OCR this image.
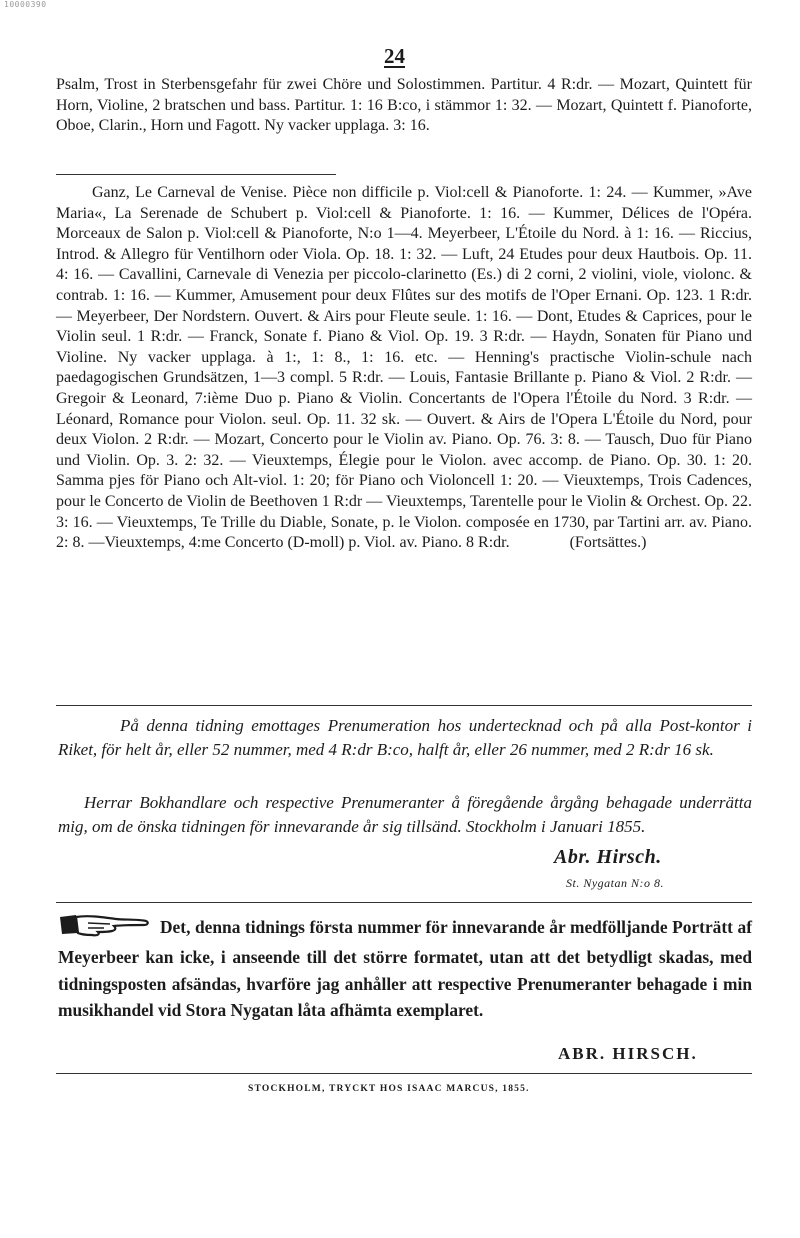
10000390
24

Psalm, Trost in Sterbensgefahr für zwei Chöre und Solostimmen. Partitur. 4 R:dr. — Mozart, Quintett für Horn, Violine, 2 bratschen und bass. Partitur. 1: 16 B:co, i stämmor 1: 32. — Mozart, Quintett f. Pianoforte, Oboe, Clarin., Horn und Fagott. Ny vacker upplaga. 3: 16.

Ganz, Le Carneval de Venise. Pièce non difficile p. Viol:cell & Pianoforte. 1: 24. — Kummer, »Ave Maria«, La Serenade de Schubert p. Viol:cell & Pianoforte. 1: 16. — Kummer, Délices de l'Opéra. Morceaux de Salon p. Viol:cell & Pianoforte, N:o 1—4. Meyerbeer, L'Étoile du Nord. à 1: 16. — Riccius, Introd. & Allegro für Ventilhorn oder Viola. Op. 18. 1: 32. — Luft, 24 Etudes pour deux Hautbois. Op. 11. 4: 16. — Cavallini, Carnevale di Venezia per piccolo-clarinetto (Es.) di 2 corni, 2 violini, viole, violonc. & contrab. 1: 16. — Kummer, Amusement pour deux Flûtes sur des motifs de l'Oper Ernani. Op. 123. 1 R:dr. — Meyerbeer, Der Nordstern. Ouvert. & Airs pour Fleute seule. 1: 16. — Dont, Etudes & Caprices, pour le Violin seul. 1 R:dr. — Franck, Sonate f. Piano & Viol. Op. 19. 3 R:dr. — Haydn, Sonaten für Piano und Violine. Ny vacker upplaga. à 1:, 1: 8., 1: 16. etc. — Henning's practische Violin-schule nach paedagogischen Grundsätzen, 1—3 compl. 5 R:dr. — Louis, Fantasie Brillante p. Piano & Viol. 2 R:dr. — Gregoir & Leonard, 7:ième Duo p. Piano & Violin. Concertants de l'Opera l'Étoile du Nord. 3 R:dr. — Léonard, Romance pour Violon. seul. Op. 11. 32 sk. — Ouvert. & Airs de l'Opera L'Étoile du Nord, pour deux Violon. 2 R:dr. — Mozart, Concerto pour le Violin av. Piano. Op. 76. 3: 8. — Tausch, Duo für Piano und Violin. Op. 3. 2: 32. — Vieuxtemps, Élegie pour le Violon. avec accomp. de Piano. Op. 30. 1: 20. Samma pjes för Piano och Alt-viol. 1: 20; för Piano och Violoncell 1: 20. — Vieuxtemps, Trois Cadences, pour le Concerto de Violin de Beethoven 1 R:dr — Vieuxtemps, Tarentelle pour le Violin & Orchest. Op. 22. 3: 16. — Vieuxtemps, Te Trille du Diable, Sonate, p. le Violon. composée en 1730, par Tartini arr. av. Piano. 2: 8. —Vieuxtemps, 4:me Concerto (D-moll) p. Viol. av. Piano. 8 R:dr.	(Fortsättes.)

På denna tidning emottages Prenumeration hos undertecknad och på alla Post-kontor i Riket, för helt år, eller 52 nummer, med 4 R:dr B:co, halft år, eller 26 nummer, med 2 R:dr 16 sk.

Herrar Bokhandlare och respective Prenumeranter å föregående årgång behagade underrätta mig, om de önska tidningen för innevarande år sig tillsänd. Stockholm i Januari 1855.

Abr. Hirsch.
St. Nygatan N:o 8.

Det, denna tidnings första nummer för innevarande år medfölljande Porträtt af Meyerbeer kan icke, i anseende till det större formatet, utan att det betydligt skadas, med tidningsposten afsändas, hvarföre jag anhåller att respective Prenumeranter behagade i min musikhandel vid Stora Nygatan låta afhämta exemplaret.

ABR. HIRSCH.
STOCKHOLM, TRYCKT HOS ISAAC MARCUS, 1855.
